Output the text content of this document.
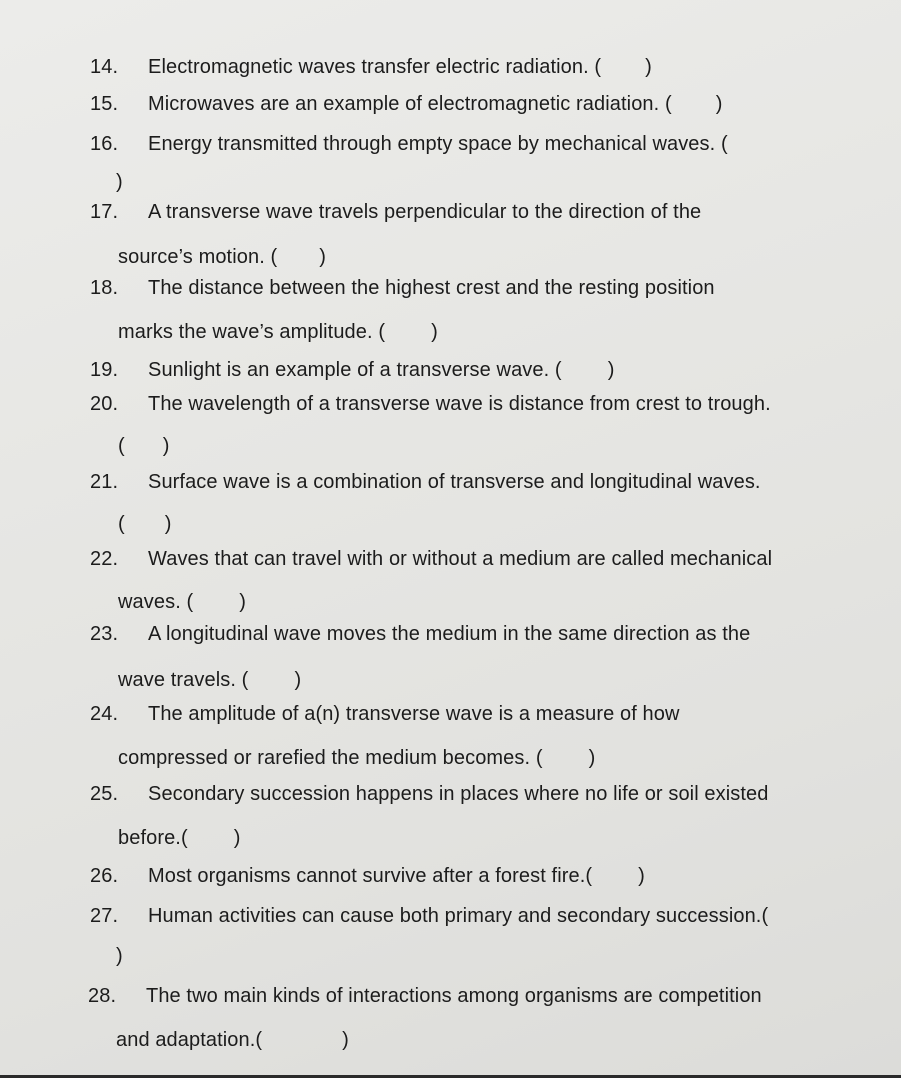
14. Electromagnetic waves transfer electric radiation. ( )
15. Microwaves are an example of electromagnetic radiation. ( )
16. Energy transmitted through empty space by mechanical waves. (
)
17. A transverse wave travels perpendicular to the direction of the
source’s motion. ( )
18. The distance between the highest crest and the resting position
marks the wave’s amplitude. ( )
19. Sunlight is an example of a transverse wave. ( )
20. The wavelength of a transverse wave is distance from crest to trough.
( )
21. Surface wave is a combination of transverse and longitudinal waves.
( )
22. Waves that can travel with or without a medium are called mechanical
waves. ( )
23. A longitudinal wave moves the medium in the same direction as the
wave travels. ( )
24. The amplitude of a(n) transverse wave is a measure of how
compressed or rarefied the medium becomes. ( )
25. Secondary succession happens in places where no life or soil existed
before.( )
26. Most organisms cannot survive after a forest fire.( )
27. Human activities can cause both primary and secondary succession.(
)
28. The two main kinds of interactions among organisms are competition
and adaptation.(	)
